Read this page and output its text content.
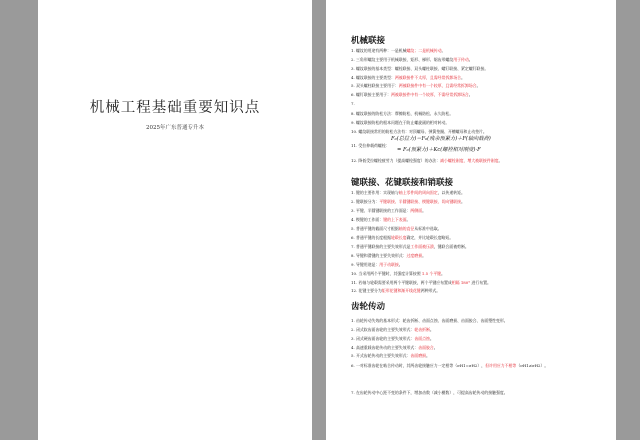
机械工程基础重要知识点
2025年广东普通专升本
机械联接
1. 螺纹的用途有两种：一是机械螺纹；二是机械传动。
2. 三角形螺纹主要用于机械联接，矩形、梯形、锯齿形螺纹用于传动。
3. 螺纹联接的基本类型：螺栓联接、双头螺柱联接、螺钉联接、紧定螺钉联接。
4. 螺纹联接的主要类型：两被联接件不太厚，且需经常拆卸场合。
5. 双头螺柱联接主要用于：两被联接件中有一个较厚，且需经常拆卸场合。
6. 螺钉联接主要用于：两被联接件中有一个较厚，不需经常拆卸场合。
7.
8. 螺纹联接的防松方法：摩擦防松、机械防松、永久防松。
9. 螺纹联接防松的根本问题在于防止螺旋副的相对转动。
10. 螺纹联接常用的防松方法有：对顶螺母、弹簧垫圈、开槽螺母和止动垫片。
11. 受拉伸载荷螺栓：
12. 降低受拉螺栓疲劳力（提高螺栓强度）的办法：减小螺栓刚度，增大被联接件刚度。
F₀(总拉力)＝F₀(残余预紧力)＋F(轴向载荷)
= F₀(预紧力)＋Kc(螺栓相对刚度)·F
键联接、花键联接和销联接
1. 键的主要作用：实现轴与轴上零件间的周向固定，以传递转矩。
2. 键联接分为：平键联接、半圆键联接、楔键联接、切向键联接。
3. 平键、半圆键联接的工作面是：两侧面。
4. 楔键的工作面：键的上下表面。
5. 普通平键的截面尺寸根据轴的直径从标准中选取。
6. 普通平键的长度根据轮毂长度确定，并比轮毂长度略短。
7. 普通平键联接的主要失效形式是工作面被压溃，键联合面被剪断。
8. 导键和滑键的主要失效形式：过度磨损。
9. 导键用途是：用于动联接。
10. 当采用两个平键时，其强度计算按照 1.5 个平键。
11. 若轴与轮毂需要采用两个平键联接，两个平键应布置成相隔 180° 进行布置。
12. 花键主要分为矩形花键和渐开线花键两种形式。
齿轮传动
1. 齿轮传动失效的基本形式：轮齿折断、齿面点蚀、齿面磨损、齿面胶合、齿面塑性变形。
2. 闭式软齿面齿轮的主要失效形式：轮齿折断。
3. 闭式硬齿面齿轮的主要失效形式：齿面点蚀。
4. 高速重载齿轮传动的主要失效形式：齿面胶合。
5. 开式齿轮传动的主要失效形式：齿面磨损。
6. 一对标准齿轮在啮合传动时，其两齿轮接触应力一定相等（σH1=σH2），但许用应力不相等（σH1≠σH2）。
7. 在齿轮传动中心距不变的条件下，增加齿数（减小模数），可提高齿轮传动的接触强度。
